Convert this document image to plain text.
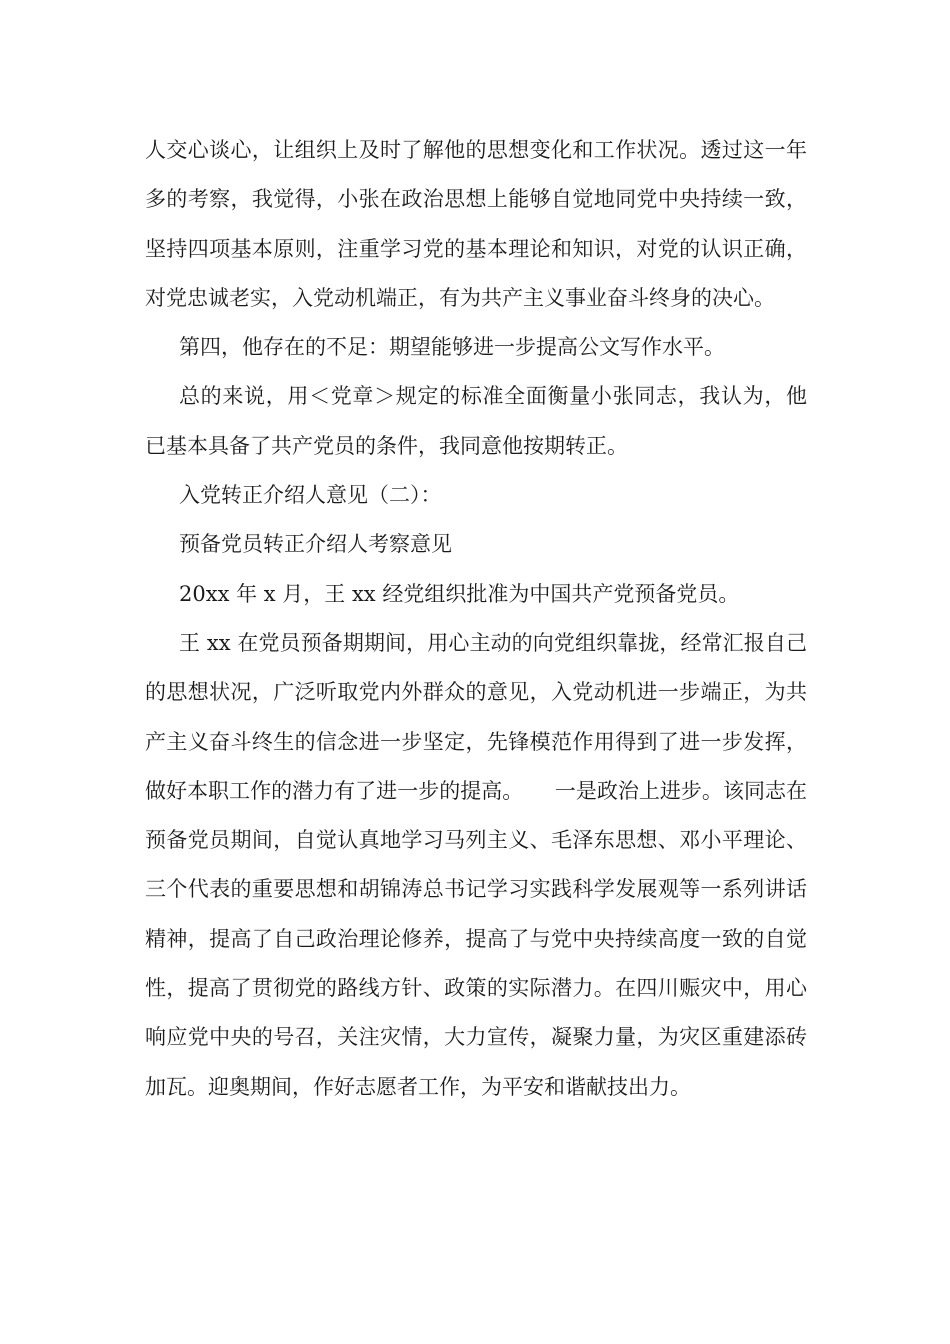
人交心谈心，让组织上及时了解他的思想变化和工作状况。透过这一年多的考察，我觉得，小张在政治思想上能够自觉地同党中央持续一致，坚持四项基本原则，注重学习党的基本理论和知识，对党的认识正确，对党忠诚老实，入党动机端正，有为共产主义事业奋斗终身的决心。

第四，他存在的不足：期望能够进一步提高公文写作水平。

总的来说，用＜党章＞规定的标准全面衡量小张同志，我认为，他已基本具备了共产党员的条件，我同意他按期转正。

入党转正介绍人意见（二）：

预备党员转正介绍人考察意见

20xx 年 x 月，王 xx 经党组织批准为中国共产党预备党员。

王 xx 在党员预备期期间，用心主动的向党组织靠拢，经常汇报自己的思想状况，广泛听取党内外群众的意见，入党动机进一步端正，为共产主义奋斗终生的信念进一步坚定，先锋模范作用得到了进一步发挥，做好本职工作的潜力有了进一步的提高。　　一是政治上进步。该同志在预备党员期间，自觉认真地学习马列主义、毛泽东思想、邓小平理论、三个代表的重要思想和胡锦涛总书记学习实践科学发展观等一系列讲话精神，提高了自己政治理论修养，提高了与党中央持续高度一致的自觉性，提高了贯彻党的路线方针、政策的实际潜力。在四川赈灾中，用心响应党中央的号召，关注灾情，大力宣传，凝聚力量，为灾区重建添砖加瓦。迎奥期间，作好志愿者工作，为平安和谐献技出力。
